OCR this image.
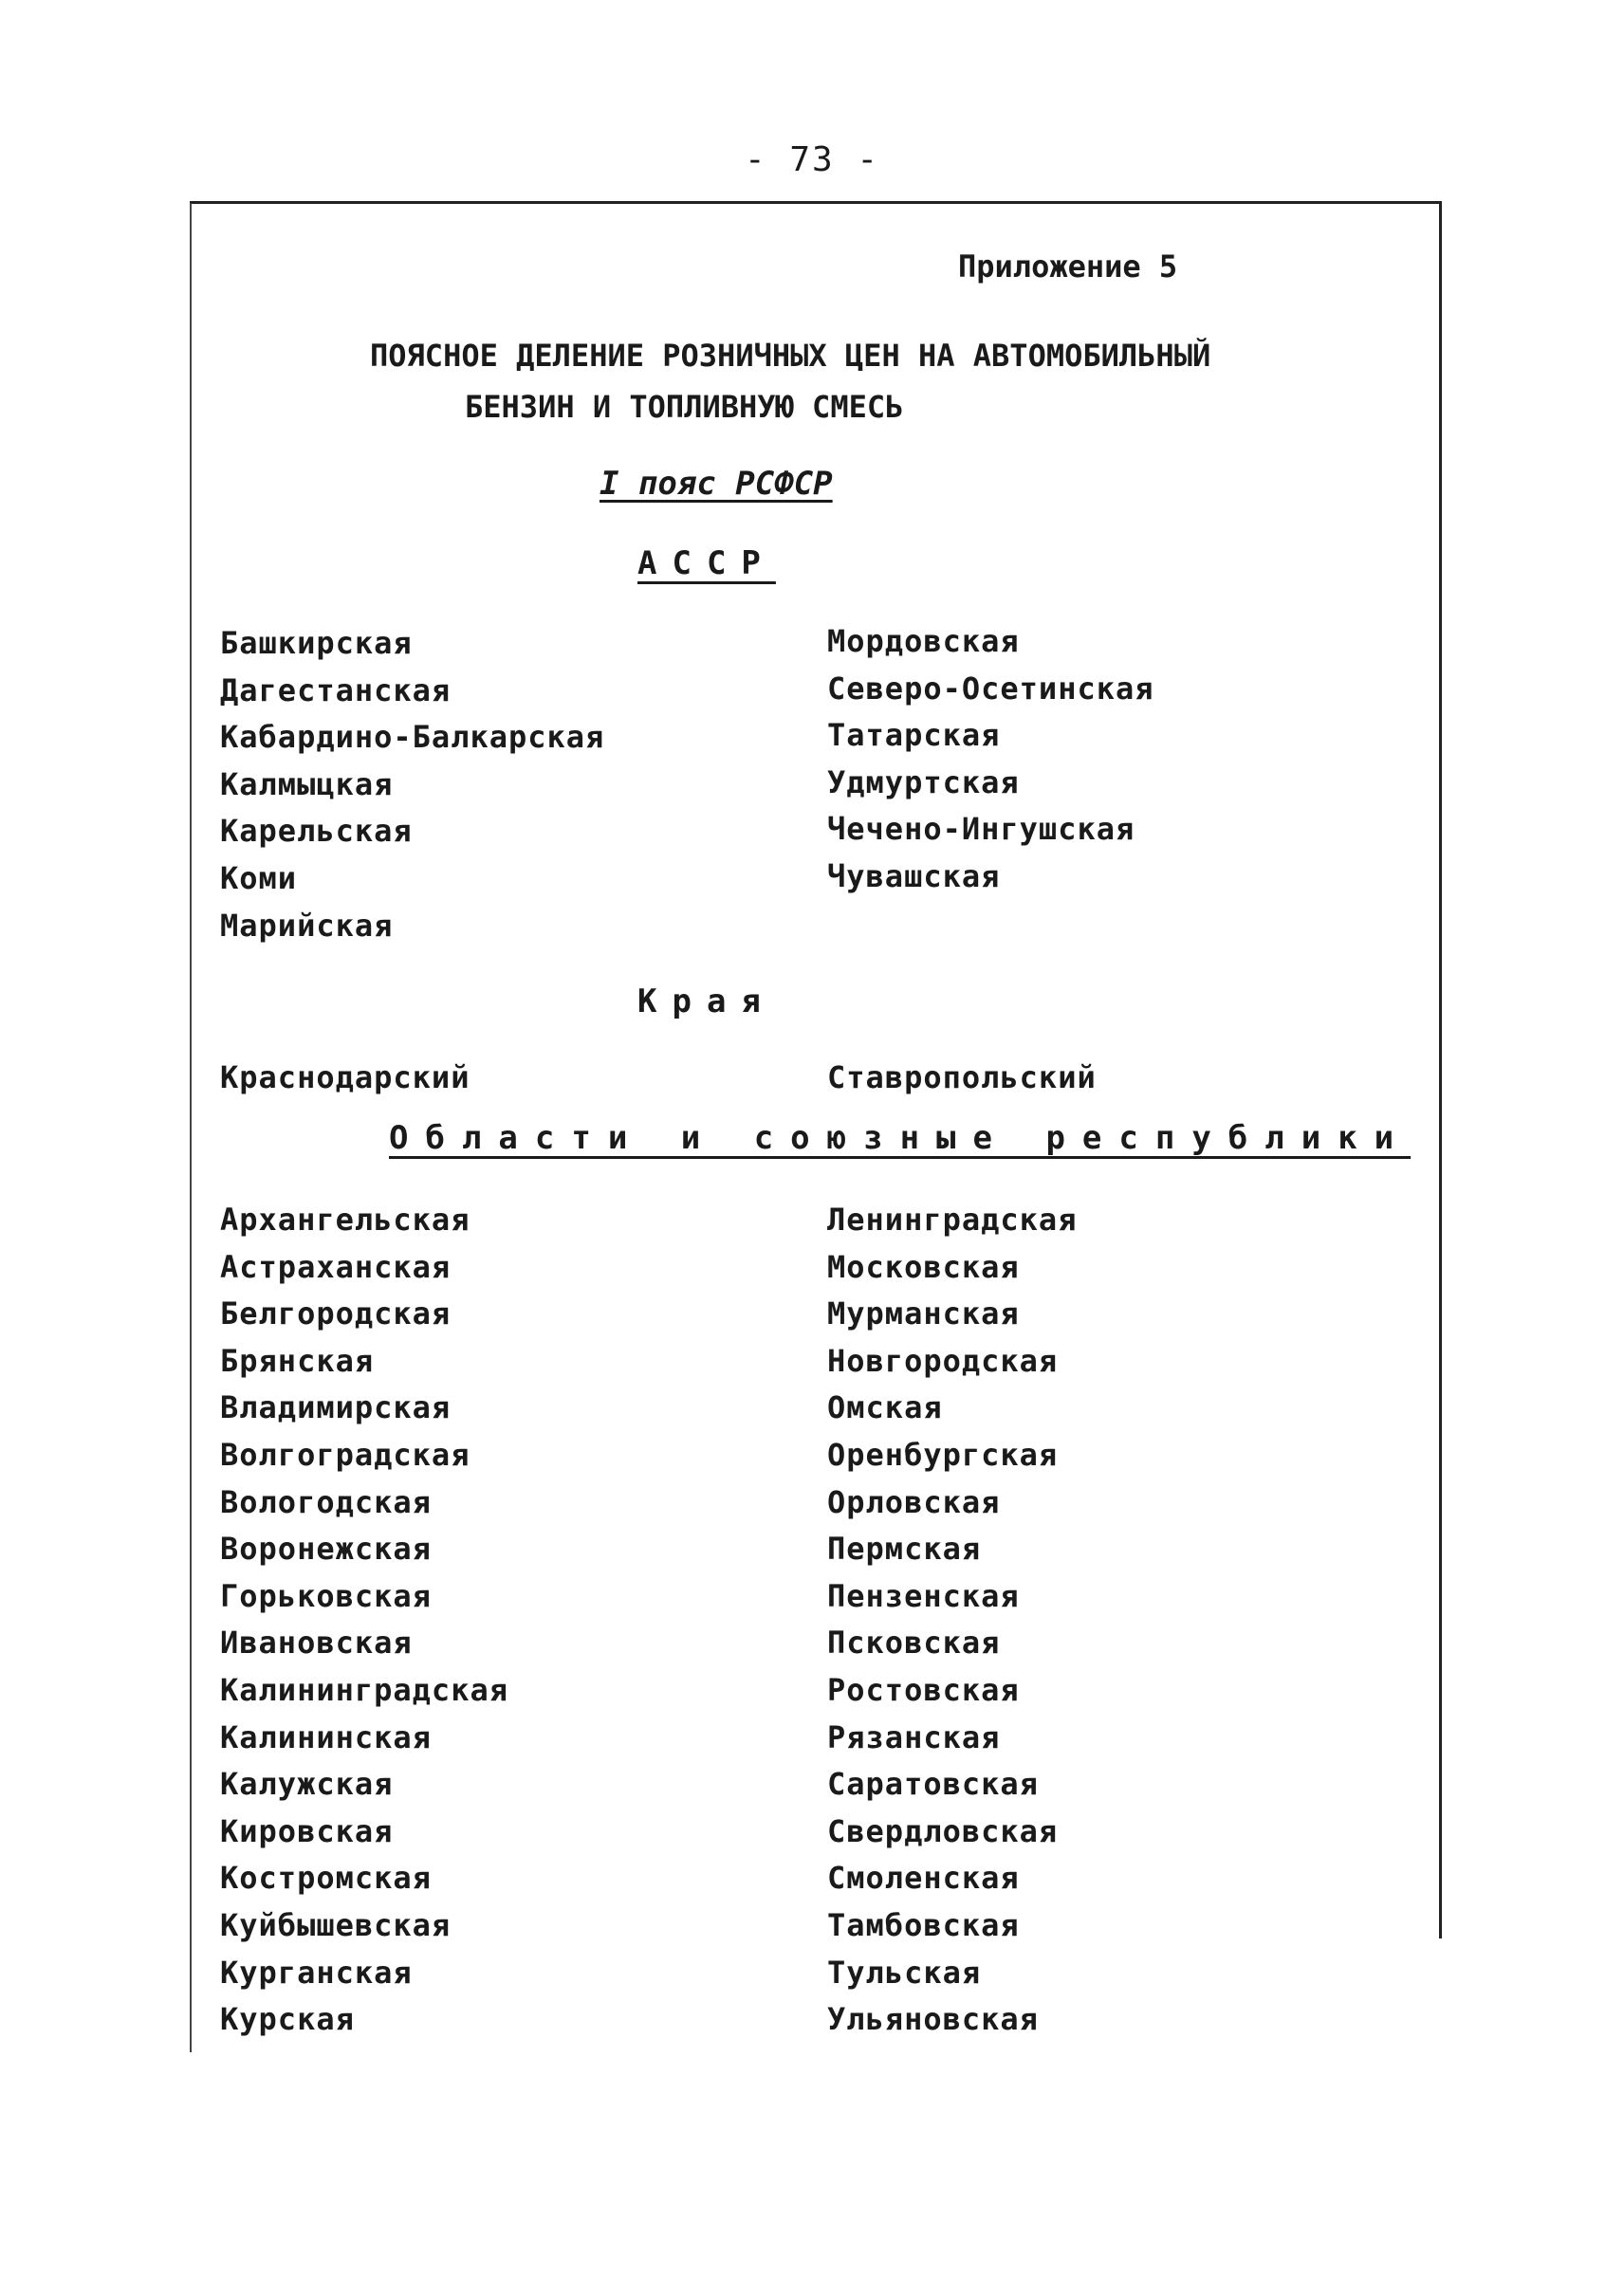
- 73 -
Приложение 5
ПОЯСНОЕ ДЕЛЕНИЕ РОЗНИЧНЫХ ЦЕН НА АВТОМОБИЛЬНЫЙ
БЕНЗИН И ТОПЛИВНУЮ СМЕСЬ
I пояс РСФСР
АССР
Башкирская
Дагестанская
Кабардино-Балкарская
Калмыцкая
Карельская
Коми
Марийская
Мордовская
Северо-Осетинская
Татарская
Удмуртская
Чечено-Ингушская
Чувашская
Края
Краснодарский	Ставропольский
Области и союзные республики
Архангельская
Астраханская
Белгородская
Брянская
Владимирская
Волгоградская
Вологодская
Воронежская
Горьковская
Ивановская
Калининградская
Калининская
Калужская
Кировская
Костромская
Куйбышевская
Курганская
Курская
Ленинградская
Московская
Мурманская
Новгородская
Омская
Оренбургская
Орловская
Пермская
Пензенская
Псковская
Ростовская
Рязанская
Саратовская
Свердловская
Смоленская
Тамбовская
Тульская
Ульяновская
